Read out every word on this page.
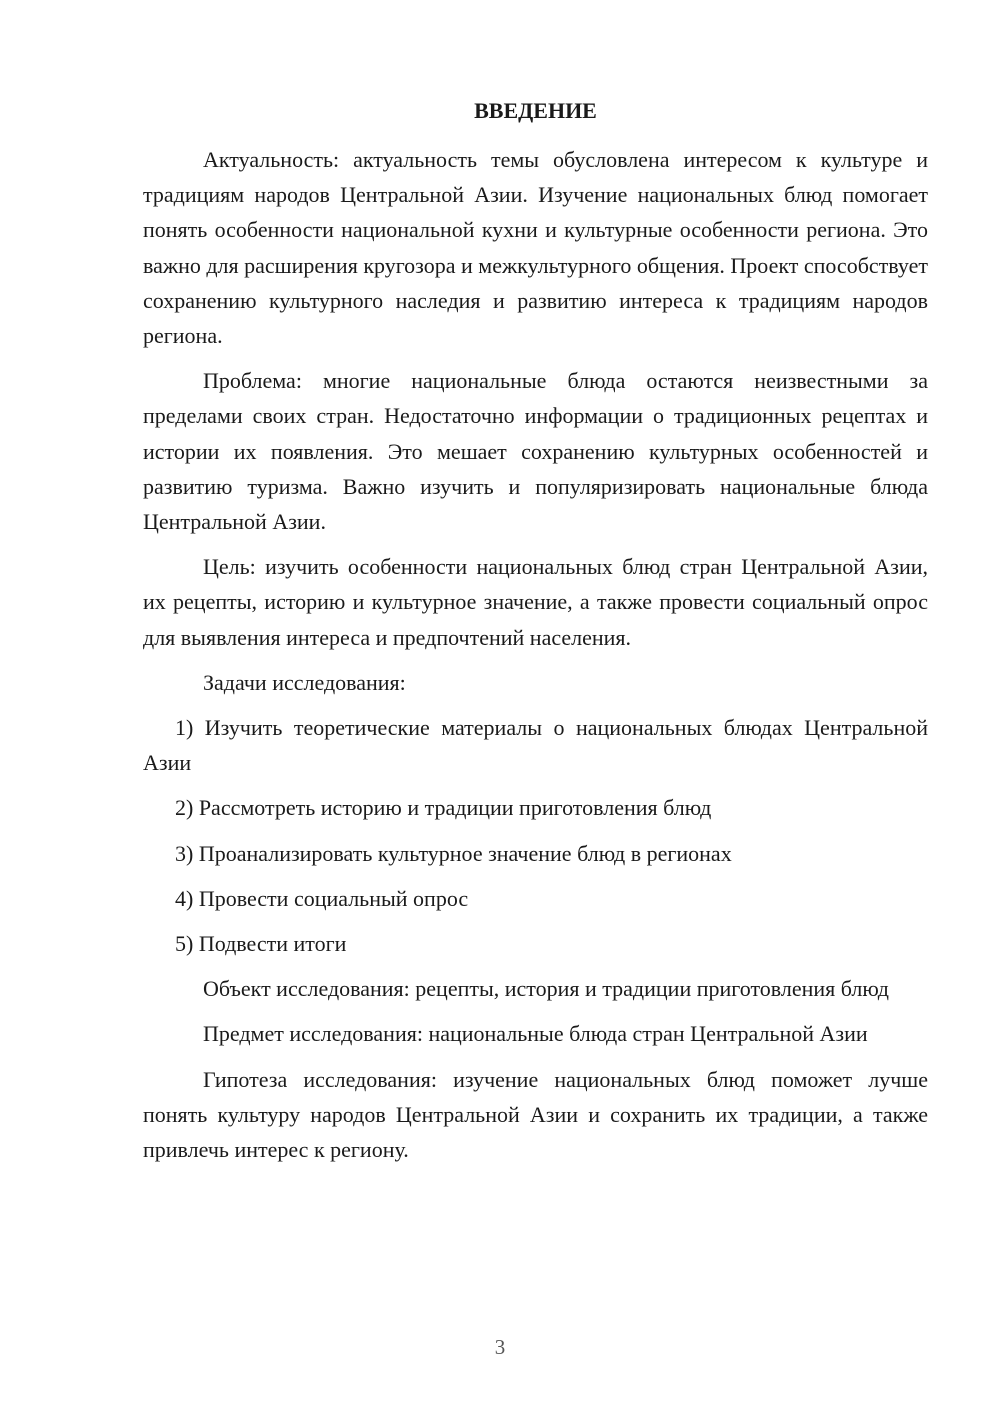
ВВЕДЕНИЕ

Актуальность: актуальность темы обусловлена интересом к культуре и традициям народов Центральной Азии. Изучение национальных блюд помогает понять особенности национальной кухни и культурные особенности региона. Это важно для расширения кругозора и межкультурного общения. Проект способствует сохранению культурного наследия и развитию интереса к традициям народов региона.

Проблема: многие национальные блюда остаются неизвестными за пределами своих стран. Недостаточно информации о традиционных рецептах и истории их появления. Это мешает сохранению культурных особенностей и развитию туризма. Важно изучить и популяризировать национальные блюда Центральной Азии.

Цель: изучить особенности национальных блюд стран Центральной Азии, их рецепты, историю и культурное значение, а также провести социальный опрос для выявления интереса и предпочтений населения.

Задачи исследования:

1) Изучить теоретические материалы о национальных блюдах Центральной Азии

2) Рассмотреть историю и традиции приготовления блюд

3) Проанализировать культурное значение блюд в регионах

4) Провести социальный опрос

5) Подвести итоги

Объект исследования: рецепты, история и традиции приготовления блюд

Предмет исследования: национальные блюда стран Центральной Азии

Гипотеза исследования: изучение национальных блюд поможет лучше понять культуру народов Центральной Азии и сохранить их традиции, а также привлечь интерес к региону.

3
